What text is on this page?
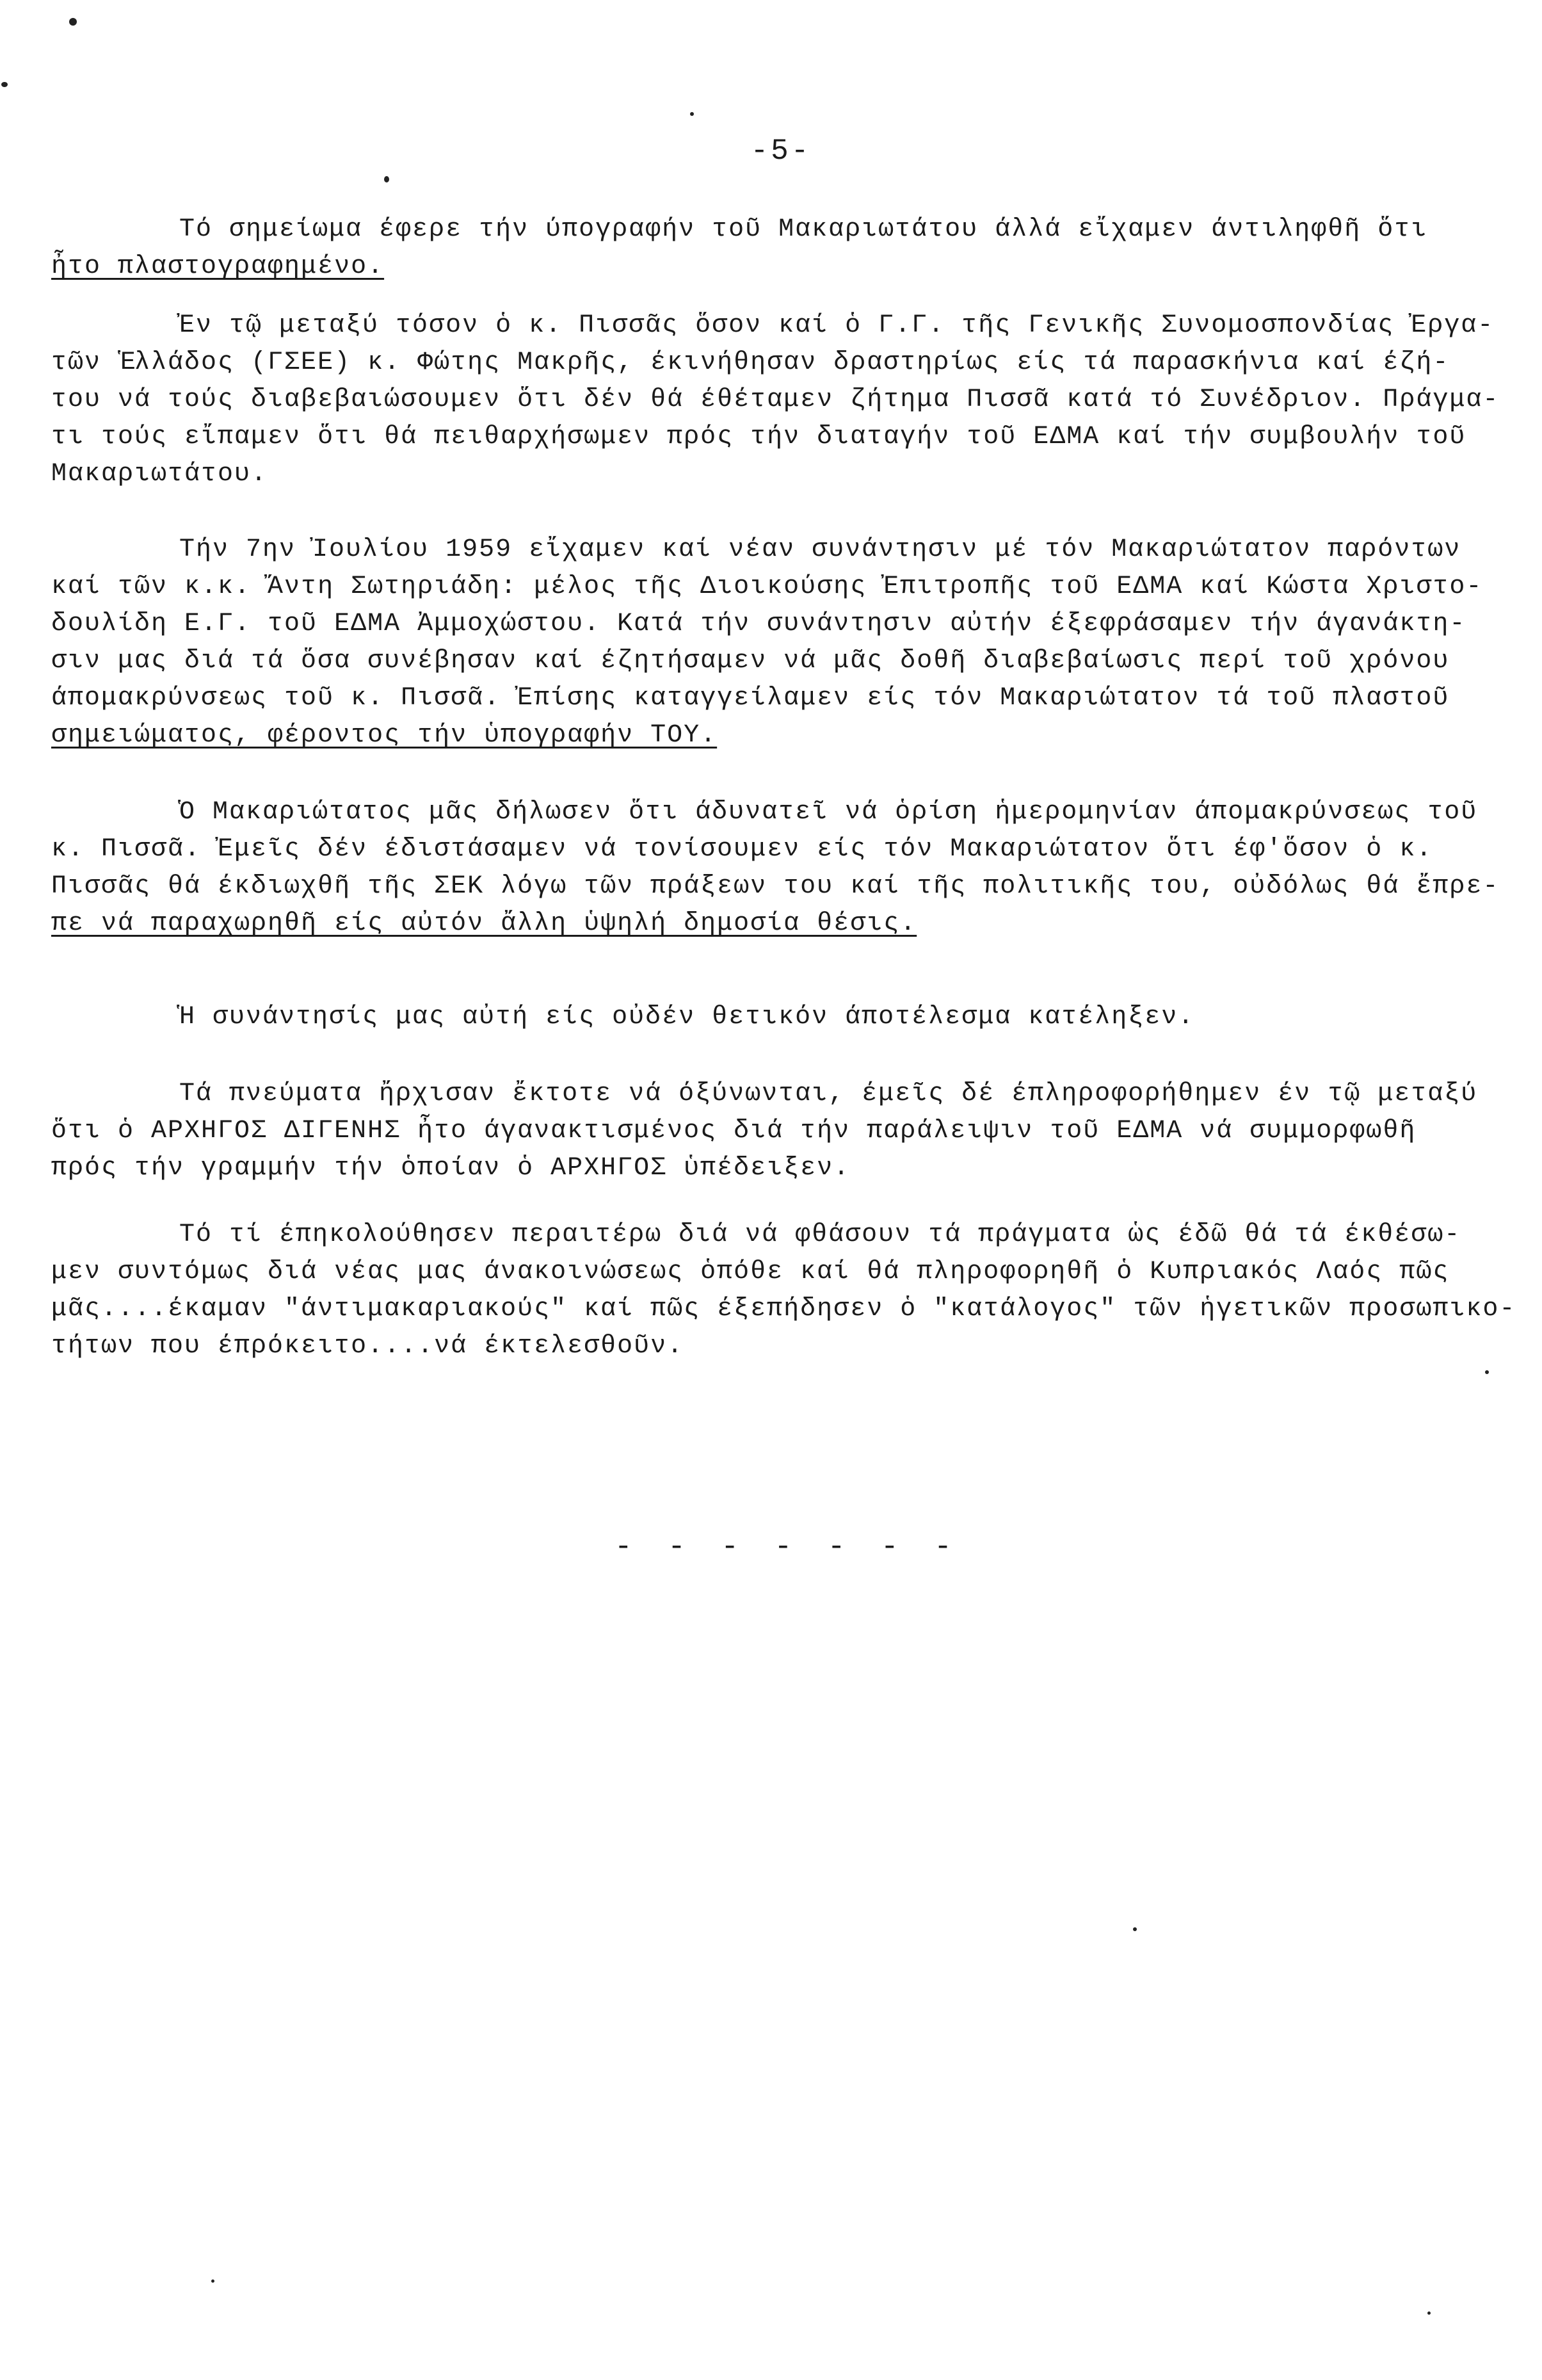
-5-
Τό σημείωμα έφερε τήν ύπογραφήν τοῦ Μακαριωτάτου άλλά εἴχαμεν άντιληφθῆ ὅτι
ἦτο πλαστογραφημένο.
Ἐν τῷ μεταξύ τόσον ὁ κ. Πισσᾶς ὅσον καί ὁ Γ.Γ. τῆς Γενικῆς Συνομοσπονδίας Ἐργα-
τῶν Ἑλλάδος (ΓΣΕΕ) κ. Φώτης Μακρῆς, έκινήθησαν δραστηρίως είς τά παρασκήνια καί έζή-
του νά τούς διαβεβαιώσουμεν ὅτι δέν θά έθέταμεν ζήτημα Πισσᾶ κατά τό Συνέδριον. Πράγμα-
τι τούς εἴπαμεν ὅτι θά πειθαρχήσωμεν πρός τήν διαταγήν τοῦ ΕΔΜΑ καί τήν συμβουλήν τοῦ
Μακαριωτάτου.
Τήν 7ην Ἰουλίου 1959 εἴχαμεν καί νέαν συνάντησιν μέ τόν Μακαριώτατον παρόντων
καί τῶν κ.κ. Ἄντη Σωτηριάδη: μέλος τῆς Διοικούσης Ἐπιτροπῆς τοῦ ΕΔΜΑ καί Κώστα Χριστο-
δουλίδη Ε.Γ. τοῦ ΕΔΜΑ Ἀμμοχώστου. Κατά τήν συνάντησιν αὐτήν έξεφράσαμεν τήν άγανάκτη-
σιν μας διά τά ὅσα συνέβησαν καί έζητήσαμεν νά μᾶς δοθῆ διαβεβαίωσις περί τοῦ χρόνου
άπομακρύνσεως τοῦ κ. Πισσᾶ. Ἐπίσης καταγγείλαμεν είς τόν Μακαριώτατον τά τοῦ πλαστοῦ
σημειώματος, φέροντος τήν ὑπογραφήν ΤΟΥ.
Ὁ Μακαριώτατος μᾶς δήλωσεν ὅτι άδυνατεῖ νά ὁρίση ἡμερομηνίαν άπομακρύνσεως τοῦ
κ. Πισσᾶ. Ἐμεῖς δέν έδιστάσαμεν νά τονίσουμεν είς τόν Μακαριώτατον ὅτι έφ'ὅσον ὁ κ.
Πισσᾶς θά έκδιωχθῆ τῆς ΣΕΚ λόγω τῶν πράξεων του καί τῆς πολιτικῆς του, οὐδόλως θά ἔπρε-
πε νά παραχωρηθῆ είς αὐτόν ἄλλη ὑψηλή δημοσία θέσις.
Ἡ συνάντησίς μας αὐτή είς οὐδέν θετικόν άποτέλεσμα κατέληξεν.
Τά πνεύματα ἤρχισαν ἔκτοτε νά όξύνωνται, έμεῖς δέ έπληροφορήθημεν έν τῷ μεταξύ
ὅτι ὁ ΑΡΧΗΓΟΣ ΔΙΓΕΝΗΣ ἦτο άγανακτισμένος διά τήν παράλειψιν τοῦ ΕΔΜΑ νά συμμορφωθῆ
πρός τήν γραμμήν τήν ὁποίαν ὁ ΑΡΧΗΓΟΣ ὑπέδειξεν.
Τό τί έπηκολούθησεν περαιτέρω διά νά φθάσουν τά πράγματα ὡς έδῶ θά τά έκθέσω-
μεν συντόμως διά νέας μας άνακοινώσεως ὁπόθε καί θά πληροφορηθῆ ὁ Κυπριακός Λαός πῶς
μᾶς....έκαμαν "άντιμακαριακούς" καί πῶς έξεπήδησεν ὁ "κατάλογος" τῶν ἡγετικῶν προσωπικο-
τήτων που έπρόκειτο....νά έκτελεσθοῦν.
- - - - - - -
